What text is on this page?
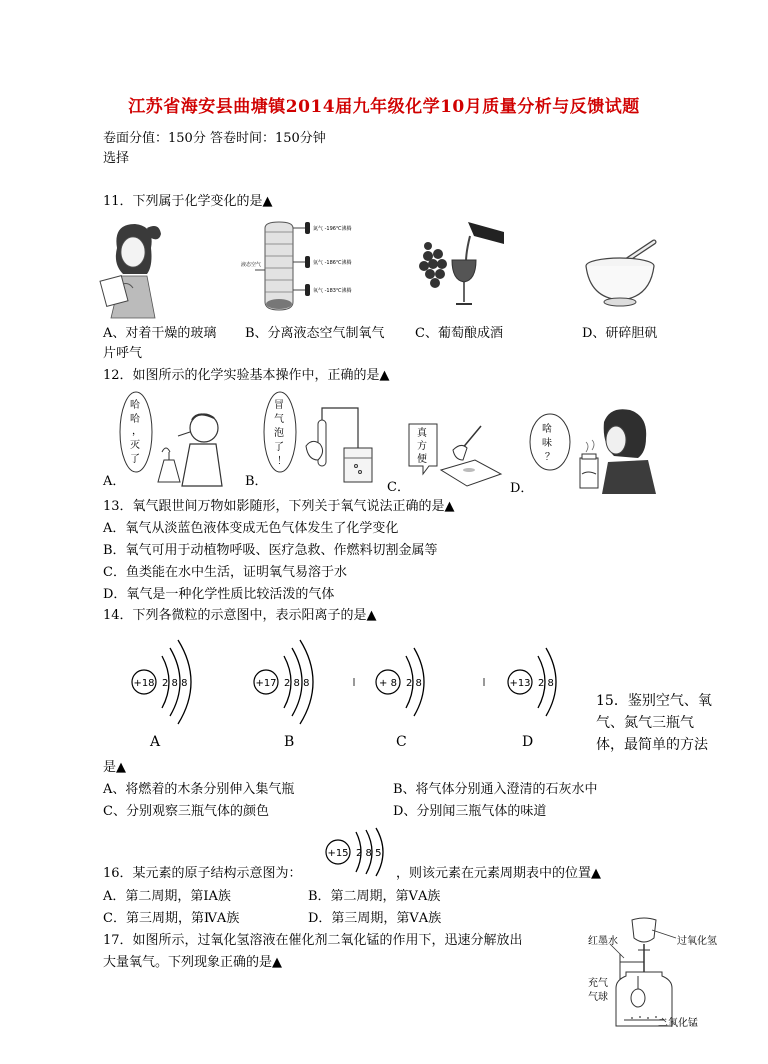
江苏省海安县曲塘镇2014届九年级化学10月质量分析与反馈试题
卷面分值：150分 答卷时间：150分钟
选择
11．下列属于化学变化的是▲
氮气 -196℃沸腾
液态空气	氩气 -186℃沸腾
氧气 -183℃沸腾
A、对着干燥的玻璃
片呼气
B、分离液态空气制氧气 C、葡萄酿成酒	D、研碎胆矾
12．如图所示的化学实验基本操作中，正确的是▲
A．
哈
哈
，
灭
了
B．
冒
气
泡
了
！
C．
真
方
便
D．
啥
味
？
13．氧气跟世间万物如影随形，下列关于氧气说法正确的是▲
A．氧气从淡蓝色液体变成无色气体发生了化学变化
B．氧气可用于动植物呼吸、医疗急救、作燃料切割金属等
C．鱼类能在水中生活，证明氧气易溶于水
D．氧气是一种化学性质比较活泼的气体
14．下列各微粒的示意图中，表示阳离子的是▲
+18 2 8 8
A
+17 2 8 8
B
+ 8 2 8
C
+13 2 8
D
15．鉴别空气、氧
气、氮气三瓶气
体，最简单的方法
是▲
A、将燃着的木条分别伸入集气瓶	B、将气体分别通入澄清的石灰水中
C、分别观察三瓶气体的颜色	D、分别闻三瓶气体的味道
16．某元素的原子结构示意图为：
+15 2 8 5
，则该元素在元素周期表中的位置▲
A．第二周期，第ⅠA族	B．第二周期，第ⅤA族
C．第三周期，第ⅣA族	D．第三周期，第ⅤA族
17．如图所示，过氧化氢溶液在催化剂二氧化锰的作用下，迅速分解放出
大量氧气。下列现象正确的是▲
红墨水	过氧化氢
充气
气球
二氧化锰
